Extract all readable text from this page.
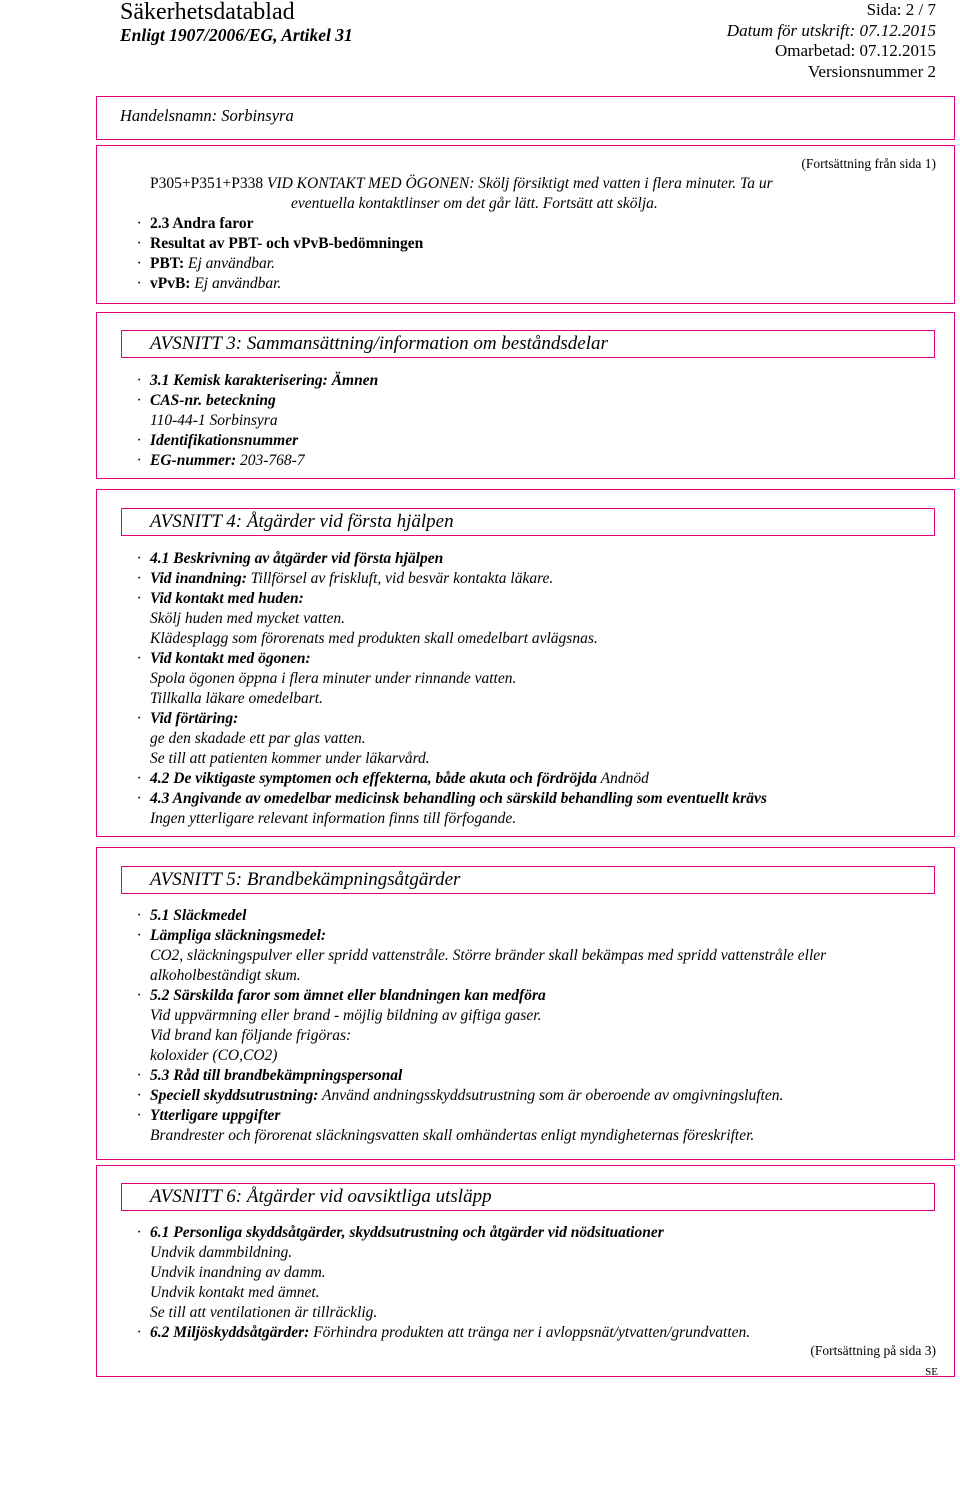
Säkerhetsdatablad
Enligt 1907/2006/EG, Artikel 31
Sida: 2 / 7
Datum för utskrift: 07.12.2015
Omarbetad: 07.12.2015
Versionsnummer 2
Handelsnamn: Sorbinsyra
(Fortsättning från sida 1)
P305+P351+P338 VID KONTAKT MED ÖGONEN: Skölj försiktigt med vatten i flera minuter. Ta ur
eventuella kontaktlinser om det går lätt. Fortsätt att skölja.
· 2.3 Andra faror
· Resultat av PBT- och vPvB-bedömningen
· PBT: Ej användbar.
· vPvB: Ej användbar.
AVSNITT 3: Sammansättning/information om beståndsdelar
· 3.1 Kemisk karakterisering: Ämnen
· CAS-nr. beteckning
110-44-1 Sorbinsyra
· Identifikationsnummer
· EG-nummer: 203-768-7
AVSNITT 4: Åtgärder vid första hjälpen
· 4.1 Beskrivning av åtgärder vid första hjälpen
· Vid inandning: Tillförsel av friskluft, vid besvär kontakta läkare.
· Vid kontakt med huden:
Skölj huden med mycket vatten.
Klädesplagg som förorenats med produkten skall omedelbart avlägsnas.
· Vid kontakt med ögonen:
Spola ögonen öppna i flera minuter under rinnande vatten.
Tillkalla läkare omedelbart.
· Vid förtäring:
ge den skadade ett par glas vatten.
Se till att patienten kommer under läkarvård.
· 4.2 De viktigaste symptomen och effekterna, både akuta och fördröjda Andnöd
· 4.3 Angivande av omedelbar medicinsk behandling och särskild behandling som eventuellt krävs
Ingen ytterligare relevant information finns till förfogande.
AVSNITT 5: Brandbekämpningsåtgärder
· 5.1 Släckmedel
· Lämpliga släckningsmedel:
CO2, släckningspulver eller spridd vattenstråle. Större bränder skall bekämpas med spridd vattenstråle eller alkoholbeständigt skum.
· 5.2 Särskilda faror som ämnet eller blandningen kan medföra
Vid uppvärmning eller brand - möjlig bildning av giftiga gaser.
Vid brand kan följande frigöras:
koloxider (CO,CO2)
· 5.3 Råd till brandbekämpningspersonal
· Speciell skyddsutrustning: Använd andningsskyddsutrustning som är oberoende av omgivningsluften.
· Ytterligare uppgifter
Brandrester och förorenat släckningsvatten skall omhändertas enligt myndigheternas föreskrifter.
AVSNITT 6: Åtgärder vid oavsiktliga utsläpp
· 6.1 Personliga skyddsåtgärder, skyddsutrustning och åtgärder vid nödsituationer
Undvik dammbildning.
Undvik inandning av damm.
Undvik kontakt med ämnet.
Se till att ventilationen är tillräcklig.
· 6.2 Miljöskyddsåtgärder: Förhindra produkten att tränga ner i avloppsnät/ytvatten/grundvatten.
(Fortsättning på sida 3)
SE
